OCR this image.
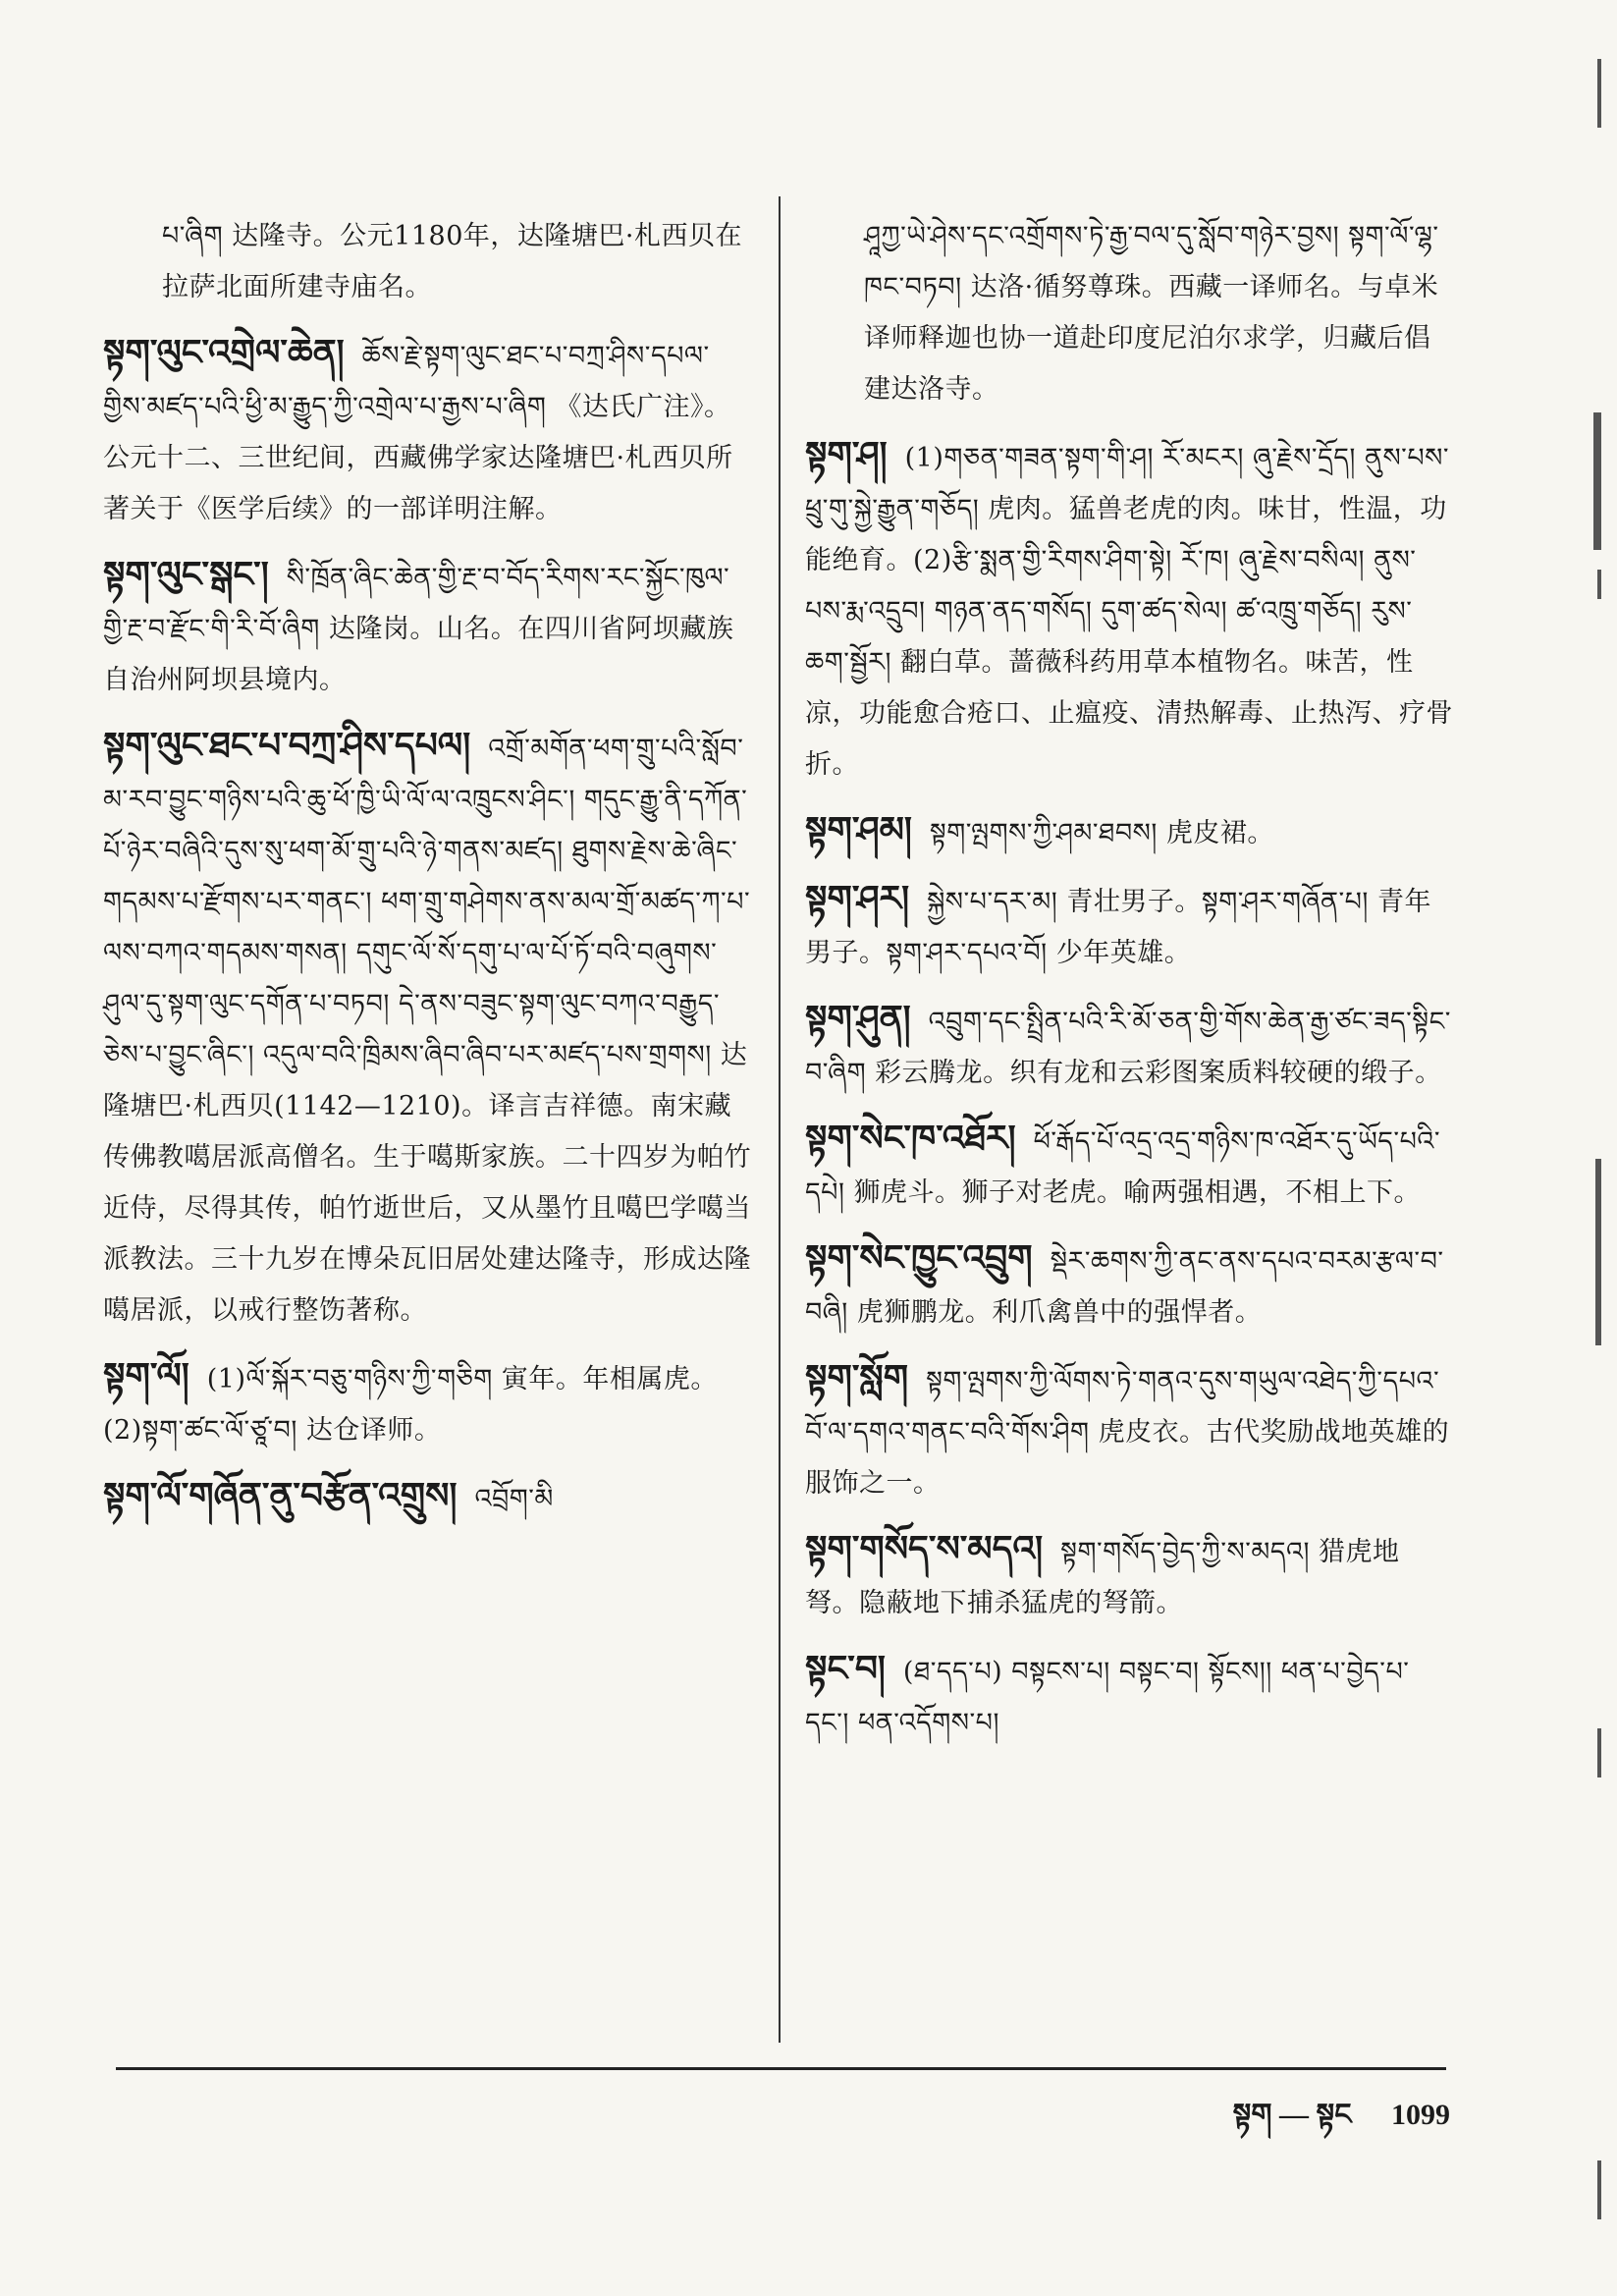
པ་ཞིག 达隆寺。公元1180年，达隆塘巴·札西贝在拉萨北面所建寺庙名。
སྟག་ལུང་འགྲེལ་ཆེན། ཆོས་རྗེ་སྟག་ལུང་ཐང་པ་བཀྲ་ཤིས་དཔལ་གྱིས་མཛད་པའི་ཕྱི་མ་རྒྱུད་ཀྱི་འགྲེལ་པ་རྒྱས་པ་ཞིག 《达氏广注》。公元十二、三世纪间，西藏佛学家达隆塘巴·札西贝所著关于《医学后续》的一部详明注解。
སྟག་ལུང་སྒང་། སི་ཁྲོན་ཞིང་ཆེན་གྱི་རྔ་བ་བོད་རིགས་རང་སྐྱོང་ཁུལ་གྱི་རྔ་བ་རྫོང་གི་རི་བོ་ཞིག 达隆岗。山名。在四川省阿坝藏族自治州阿坝县境内。
སྟག་ལུང་ཐང་པ་བཀྲ་ཤིས་དཔལ། འགྲོ་མགོན་ཕག་གྲུ་པའི་སློབ་མ་རབ་བྱུང་གཉིས་པའི་ཆུ་ཕོ་ཁྱི་ཡི་ལོ་ལ་འཁྲུངས་ཤིང་། གདུང་རྒྱུ་ནི་དཀོན་པོ་ཉེར་བཞིའི་དུས་སུ་ཕག་མོ་གྲུ་པའི་ཉེ་གནས་མཛད། ཐུགས་རྗེས་ཆེ་ཞིང་གདམས་པ་རྫོགས་པར་གནང་། ཕག་གྲུ་གཤེགས་ནས་མལ་གྲོ་མཚད་ཀ་པ་ལས་བཀའ་གདམས་གསན། དགུང་ལོ་སོ་དགུ་པ་ལ་པོ་ཏོ་བའི་བཞུགས་ཤུལ་དུ་སྟག་ལུང་དགོན་པ་བཏབ། དེ་ནས་བཟུང་སྟག་ལུང་བཀའ་བརྒྱུད་ཅེས་པ་བྱུང་ཞིང་། འདུལ་བའི་ཁྲིམས་ཞིབ་ཞིབ་པར་མཛད་པས་གྲགས། 达隆塘巴·札西贝(1142—1210)。译言吉祥德。南宋藏传佛教噶居派高僧名。生于噶斯家族。二十四岁为帕竹近侍，尽得其传，帕竹逝世后，又从墨竹且噶巴学噶当派教法。三十九岁在博朵瓦旧居处建达隆寺，形成达隆噶居派，以戒行整饬著称。
སྟག་ལོ། (1)ལོ་སྐོར་བཅུ་གཉིས་ཀྱི་གཅིག 寅年。年相属虎。(2)སྟག་ཚང་ལོ་ཙཱ་བ། 达仓译师。
སྟག་ལོ་གཞོན་ནུ་བརྩོན་འགྲུས། འབྲོག་མི
ཤཱཀྱ་ཡེ་ཤེས་དང་འགྲོགས་ཏེ་རྒྱ་བལ་དུ་སློབ་གཉེར་བྱས། སྟག་ལོ་ལྷ་ཁང་བཏབ། 达洛·循努尊珠。西藏一译师名。与卓米译师释迦也协一道赴印度尼泊尔求学，归藏后倡建达洛寺。
སྟག་ཤ། (1)གཅན་གཟན་སྟག་གི་ཤ། རོ་མངར། ཞུ་རྗེས་དྲོད། ནུས་པས་ཕྲུ་གུ་སྐྱེ་རྒྱུན་གཅོད། 虎肉。猛兽老虎的肉。味甘，性温，功能绝育。(2)རྩི་སྨན་གྱི་རིགས་ཤིག་སྟེ། རོ་ཁ། ཞུ་རྗེས་བསིལ། ནུས་པས་རྨ་འདྲུབ། གཉན་ནད་གསོད། དུག་ཚད་སེལ། ཚ་འཁྲུ་གཅོད། རུས་ཆག་སྦྱོར། 翻白草。蔷薇科药用草本植物名。味苦，性凉，功能愈合疮口、止瘟疫、清热解毒、止热泻、疗骨折。
སྟག་ཤམ། སྟག་ལྤགས་ཀྱི་ཤམ་ཐབས། 虎皮裙。
སྟག་ཤར། སྐྱེས་པ་དར་མ། 青壮男子。སྟག་ཤར་གཞོན་པ། 青年男子。སྟག་ཤར་དཔའ་བོ། 少年英雄。
སྟག་ཤུན། འབྲུག་དང་སྤྲིན་པའི་རི་མོ་ཅན་གྱི་གོས་ཆེན་རྒྱ་ཙང་ཟད་སྟིང་བ་ཞིག 彩云腾龙。织有龙和云彩图案质料较硬的缎子。
སྟག་སེང་ཁ་འཐོར། ཕོ་རྒོད་པོ་འདྲ་འདྲ་གཉིས་ཁ་འཐོར་དུ་ཡོད་པའི་དཔེ། 狮虎斗。狮子对老虎。喻两强相遇，不相上下。
སྟག་སེང་ཁྱུང་འབྲུག སྡེར་ཆགས་ཀྱི་ནང་ནས་དཔའ་བརམ་རྩལ་བ་བཞི། 虎狮鹏龙。利爪禽兽中的强悍者。
སྟག་སློག སྟག་ལྤགས་ཀྱི་ལོགས་ཏེ་གནའ་དུས་གཡུལ་འཐེད་ཀྱི་དཔའ་བོ་ལ་དགའ་གནང་བའི་གོས་ཤིག 虎皮衣。古代奖励战地英雄的服饰之一。
སྟག་གསོད་ས་མདའ། སྟག་གསོད་བྱེད་ཀྱི་ས་མདའ། 猎虎地弩。隐蔽地下捕杀猛虎的弩箭。
སྟང་བ། (ཐ་དད་པ) བསྟངས་པ། བསྟང་བ། སྟོངས།། ཕན་པ་བྱེད་པ་དང་། ཕན་འདོགས་པ།
སྟག — སྟང 1099
